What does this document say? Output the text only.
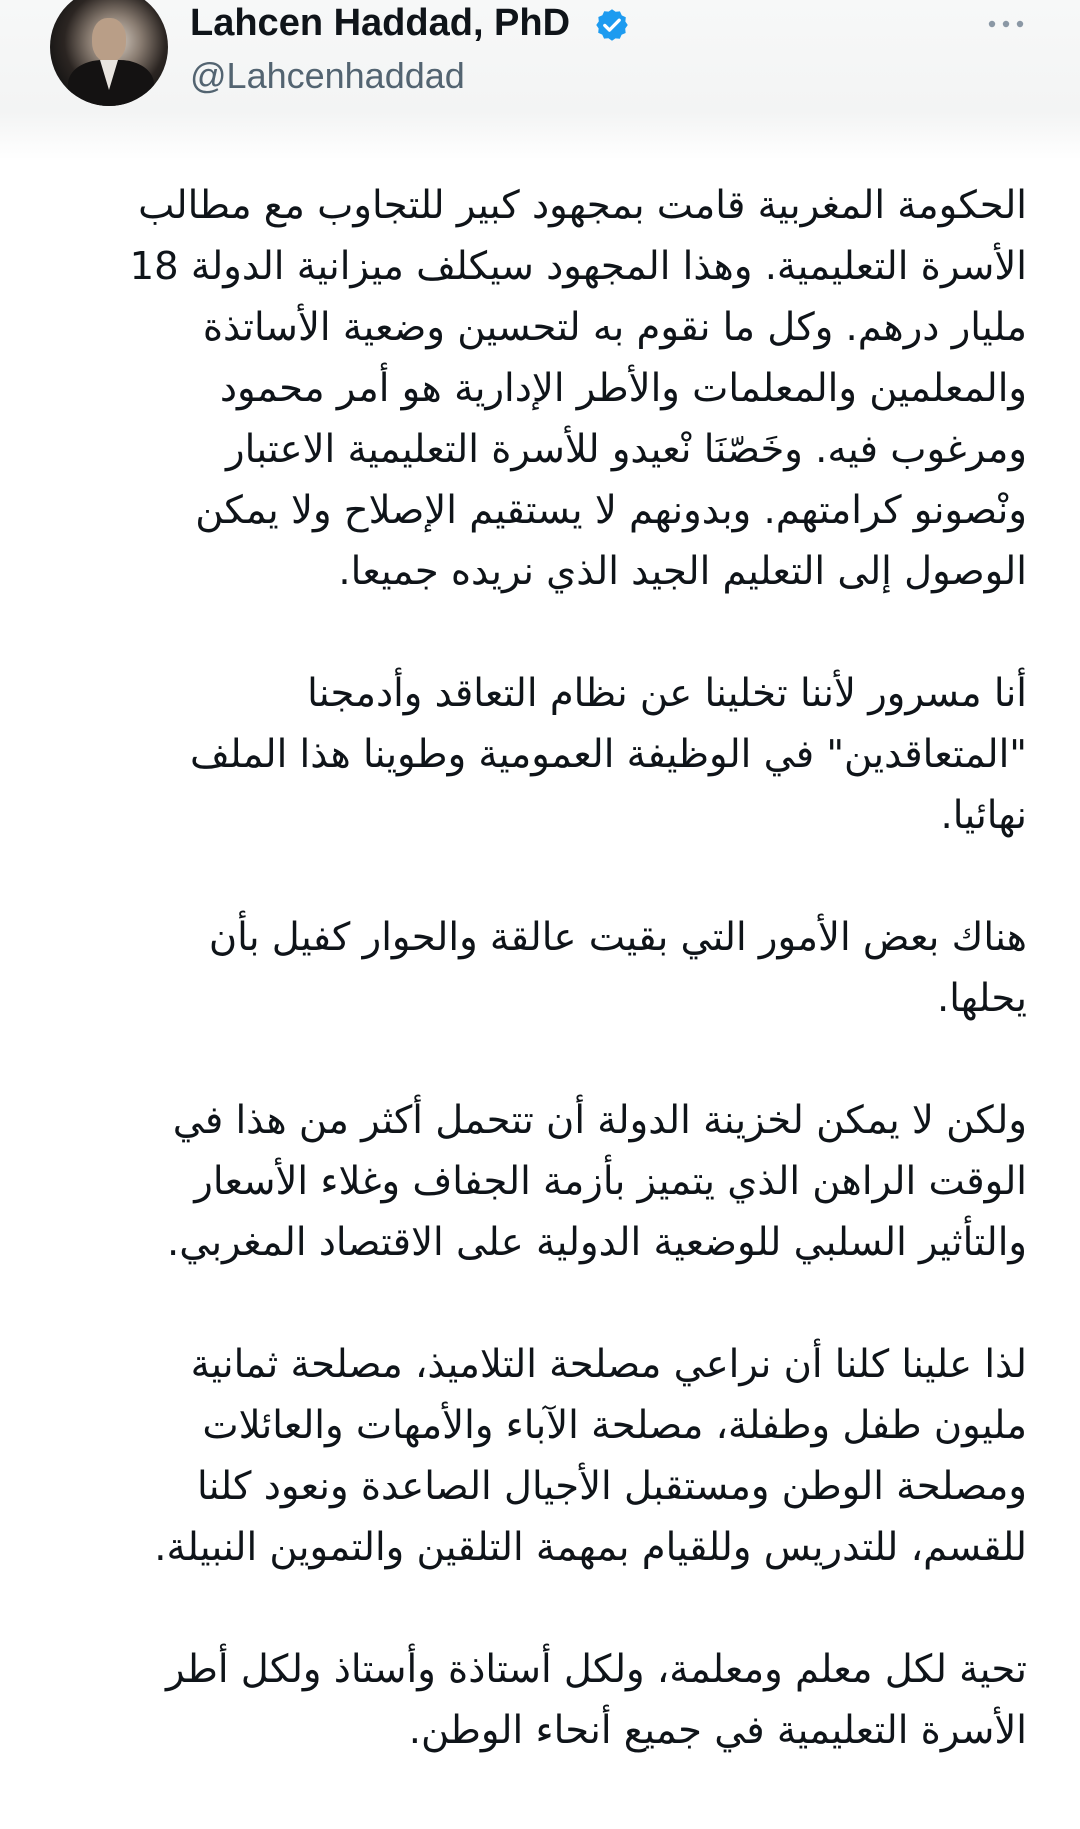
Lahcen Haddad, PhD
@Lahcenhaddad

الحكومة المغربية قامت بمجهود كبير للتجاوب مع مطالب
الأسرة التعليمية. وهذا المجهود سيكلف ميزانية الدولة 18
مليار درهم. وكل ما نقوم به لتحسين وضعية الأساتذة
والمعلمين والمعلمات والأطر الإدارية هو أمر محمود
ومرغوب فيه. وخَصّنَا نْعيدو للأسرة التعليمية الاعتبار
ونْصونو كرامتهم. وبدونهم لا يستقيم الإصلاح ولا يمكن
الوصول إلى التعليم الجيد الذي نريده جميعا.

أنا مسرور لأننا تخلينا عن نظام التعاقد وأدمجنا
"المتعاقدين" في الوظيفة العمومية وطوينا هذا الملف
نهائيا.

هناك بعض الأمور التي بقيت عالقة والحوار كفيل بأن
يحلها.

ولكن لا يمكن لخزينة الدولة أن تتحمل أكثر من هذا في
الوقت الراهن الذي يتميز بأزمة الجفاف وغلاء الأسعار
والتأثير السلبي للوضعية الدولية على الاقتصاد المغربي.

لذا علينا كلنا أن نراعي مصلحة التلاميذ، مصلحة ثمانية
مليون طفل وطفلة، مصلحة الآباء والأمهات والعائلات
ومصلحة الوطن ومستقبل الأجيال الصاعدة ونعود كلنا
للقسم، للتدريس وللقيام بمهمة التلقين والتموين النبيلة.

تحية لكل معلم ومعلمة، ولكل أستاذة وأستاذ ولكل أطر
الأسرة التعليمية في جميع أنحاء الوطن.
